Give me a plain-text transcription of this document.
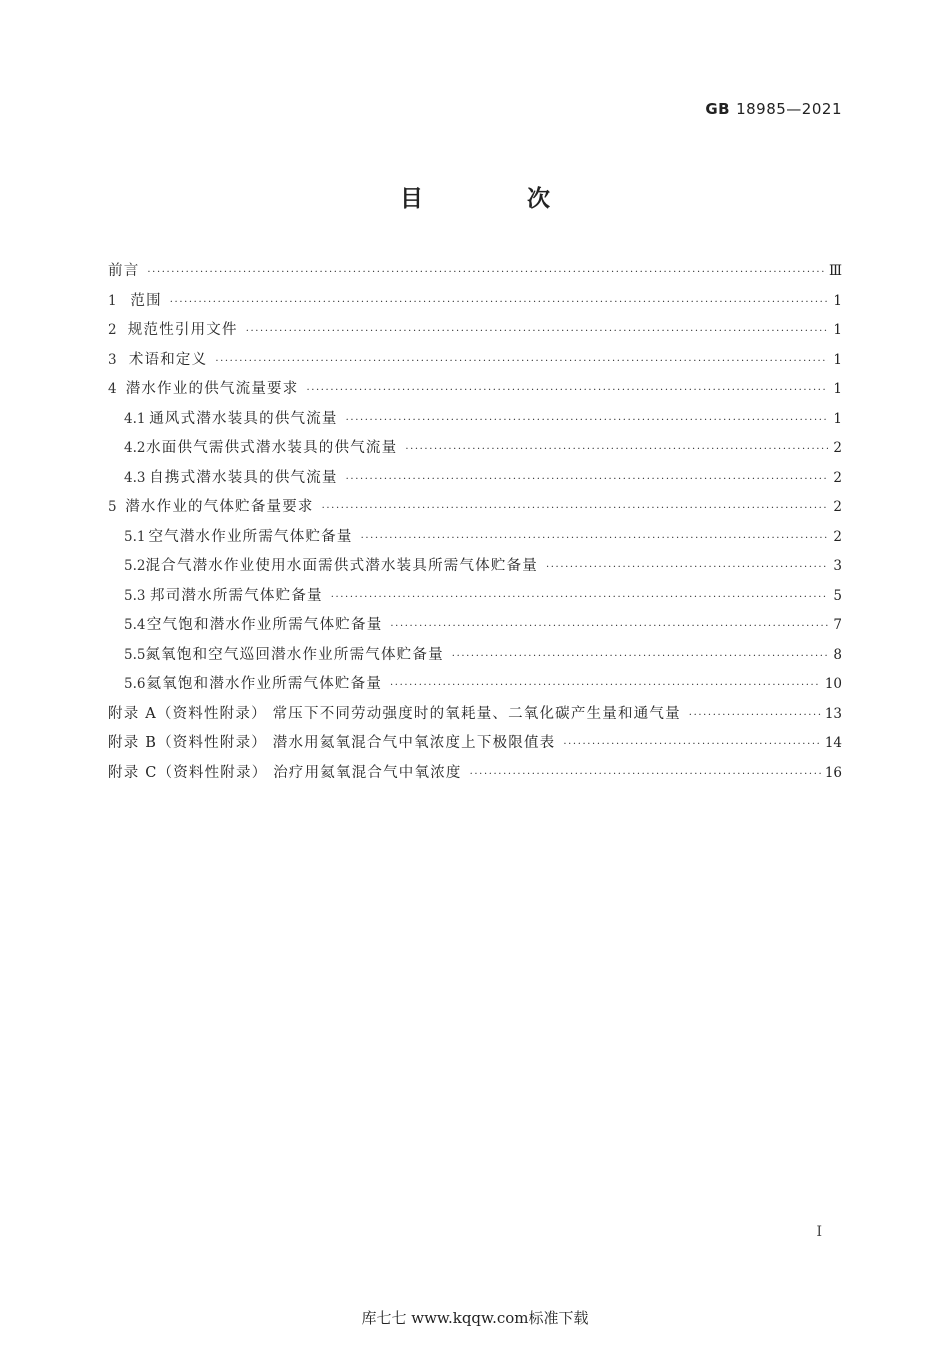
GB 18985—2021
目 次
前言 ·····	Ⅲ
1 范围 ·····	1
2 规范性引用文件 ·····	1
3 术语和定义 ·····	1
4 潜水作业的供气流量要求 ·····	1
4.1 通风式潜水装具的供气流量 ·····	1
4.2 水面供气需供式潜水装具的供气流量 ·····	2
4.3 自携式潜水装具的供气流量 ·····	2
5 潜水作业的气体贮备量要求 ·····	2
5.1 空气潜水作业所需气体贮备量 ·····	2
5.2 混合气潜水作业使用水面需供式潜水装具所需气体贮备量 ·····	3
5.3 邦司潜水所需气体贮备量 ·····	5
5.4 空气饱和潜水作业所需气体贮备量 ·····	7
5.5 氮氧饱和空气巡回潜水作业所需气体贮备量 ·····	8
5.6 氦氧饱和潜水作业所需气体贮备量 ·····	10
附录 A（资料性附录） 常压下不同劳动强度时的氧耗量、二氧化碳产生量和通气量 ·····	13
附录 B（资料性附录） 潜水用氦氧混合气中氧浓度上下极限值表 ·····	14
附录 C（资料性附录） 治疗用氦氧混合气中氧浓度 ·····	16
I
库七七 www.kqqw.com标准下载
